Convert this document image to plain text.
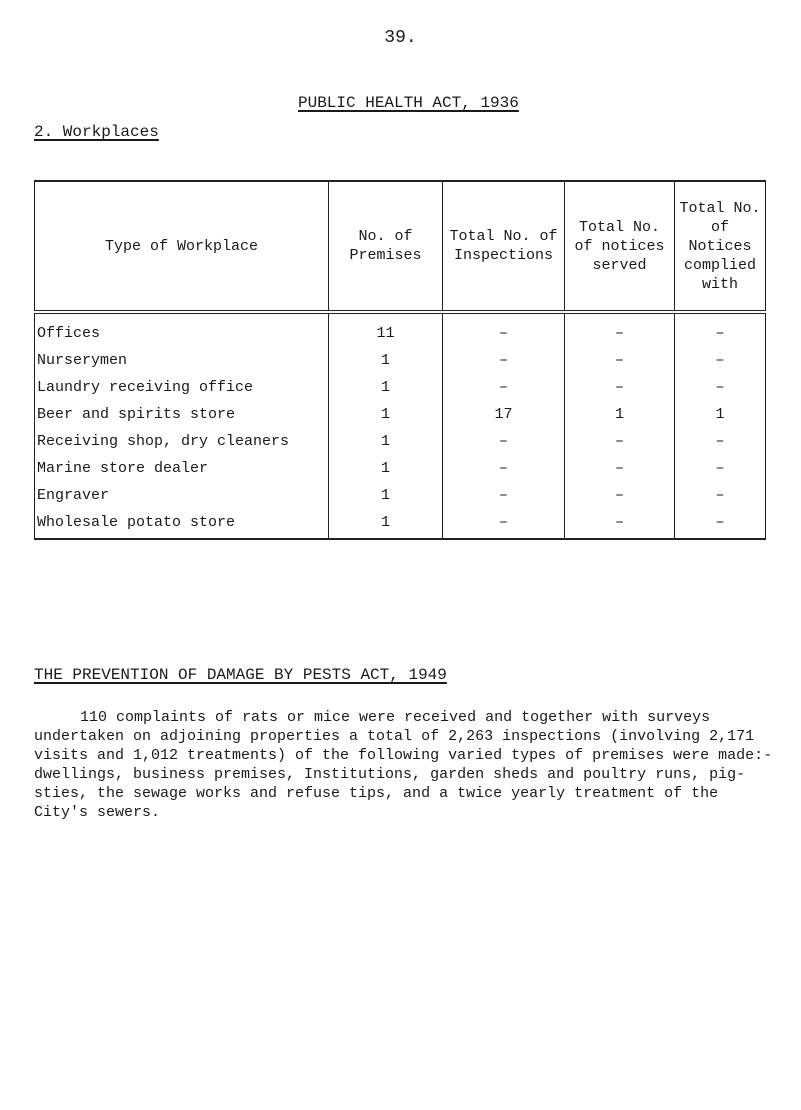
39.
PUBLIC HEALTH ACT, 1936
2. Workplaces
Type of Workplace	No. of Premises	Total No. of Inspections	Total No. of notices served	Total No. of Notices complied with
Offices	11	–	–	–
Nurserymen	1	–	–	–
Laundry receiving office	1	–	–	–
Beer and spirits store	1	17	1	1
Receiving shop, dry cleaners	1	–	–	–
Marine store dealer	1	–	–	–
Engraver	1	–	–	–
Wholesale potato store	1	–	–	–
THE PREVENTION OF DAMAGE BY PESTS ACT, 1949

110 complaints of rats or mice were received and together with surveys undertaken on adjoining properties a total of 2,263 inspections (involving 2,171 visits and 1,012 treatments) of the following varied types of premises were made:- dwellings, business premises, Institutions, garden sheds and poultry runs, pig-sties, the sewage works and refuse tips, and a twice yearly treatment of the City's sewers.
